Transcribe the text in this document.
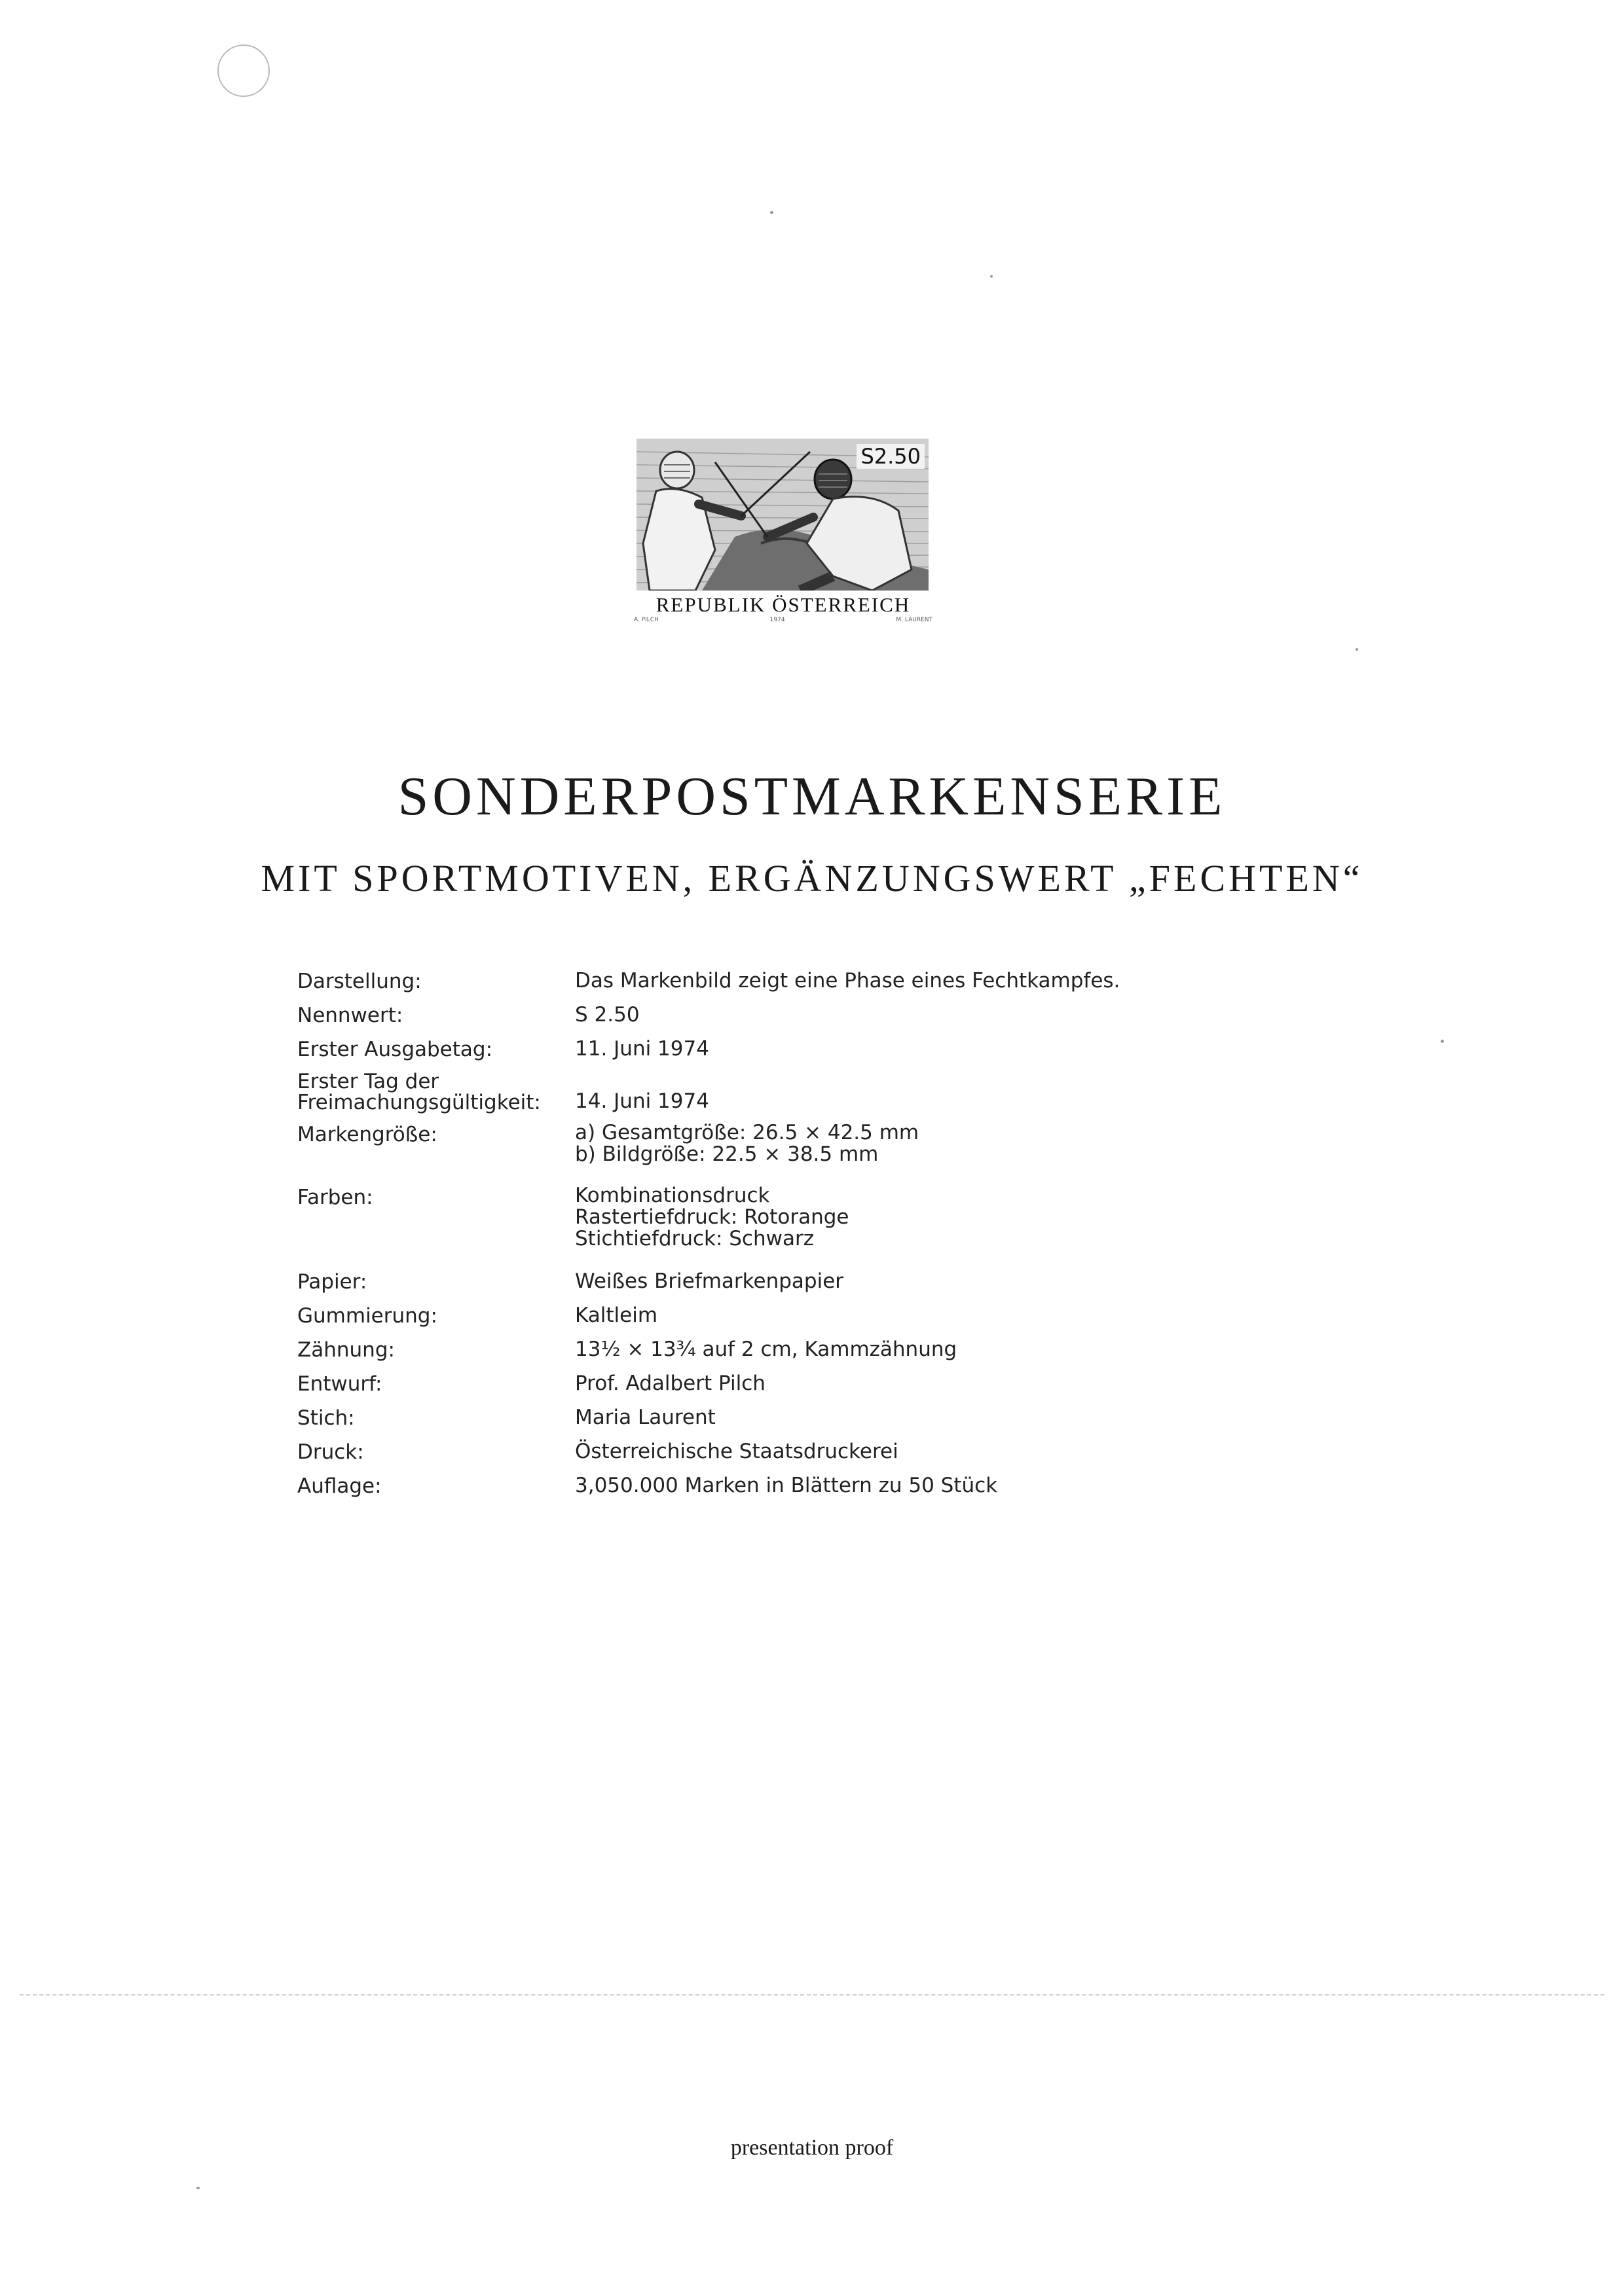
S2.50
REPUBLIK ÖSTERREICH
A. PILCH	1974	M. LAURENT
SONDERPOSTMARKENSERIE
MIT SPORTMOTIVEN, ERGÄNZUNGSWERT „FECHTEN“
Darstellung:	Das Markenbild zeigt eine Phase eines Fechtkampfes.
Nennwert:	S 2.50
Erster Ausgabetag:	11. Juni 1974
Erster Tag der
Freimachungsgültigkeit:	14. Juni 1974
Markengröße:	a) Gesamtgröße: 26.5 × 42.5 mm
b) Bildgröße: 22.5 × 38.5 mm
Farben:	Kombinationsdruck
Rastertiefdruck: Rotorange
Stichtiefdruck: Schwarz
Papier:	Weißes Briefmarkenpapier
Gummierung:	Kaltleim
Zähnung:	13½ × 13¾ auf 2 cm, Kammzähnung
Entwurf:	Prof. Adalbert Pilch
Stich:	Maria Laurent
Druck:	Österreichische Staatsdruckerei
Auflage:	3,050.000 Marken in Blättern zu 50 Stück
presentation proof
